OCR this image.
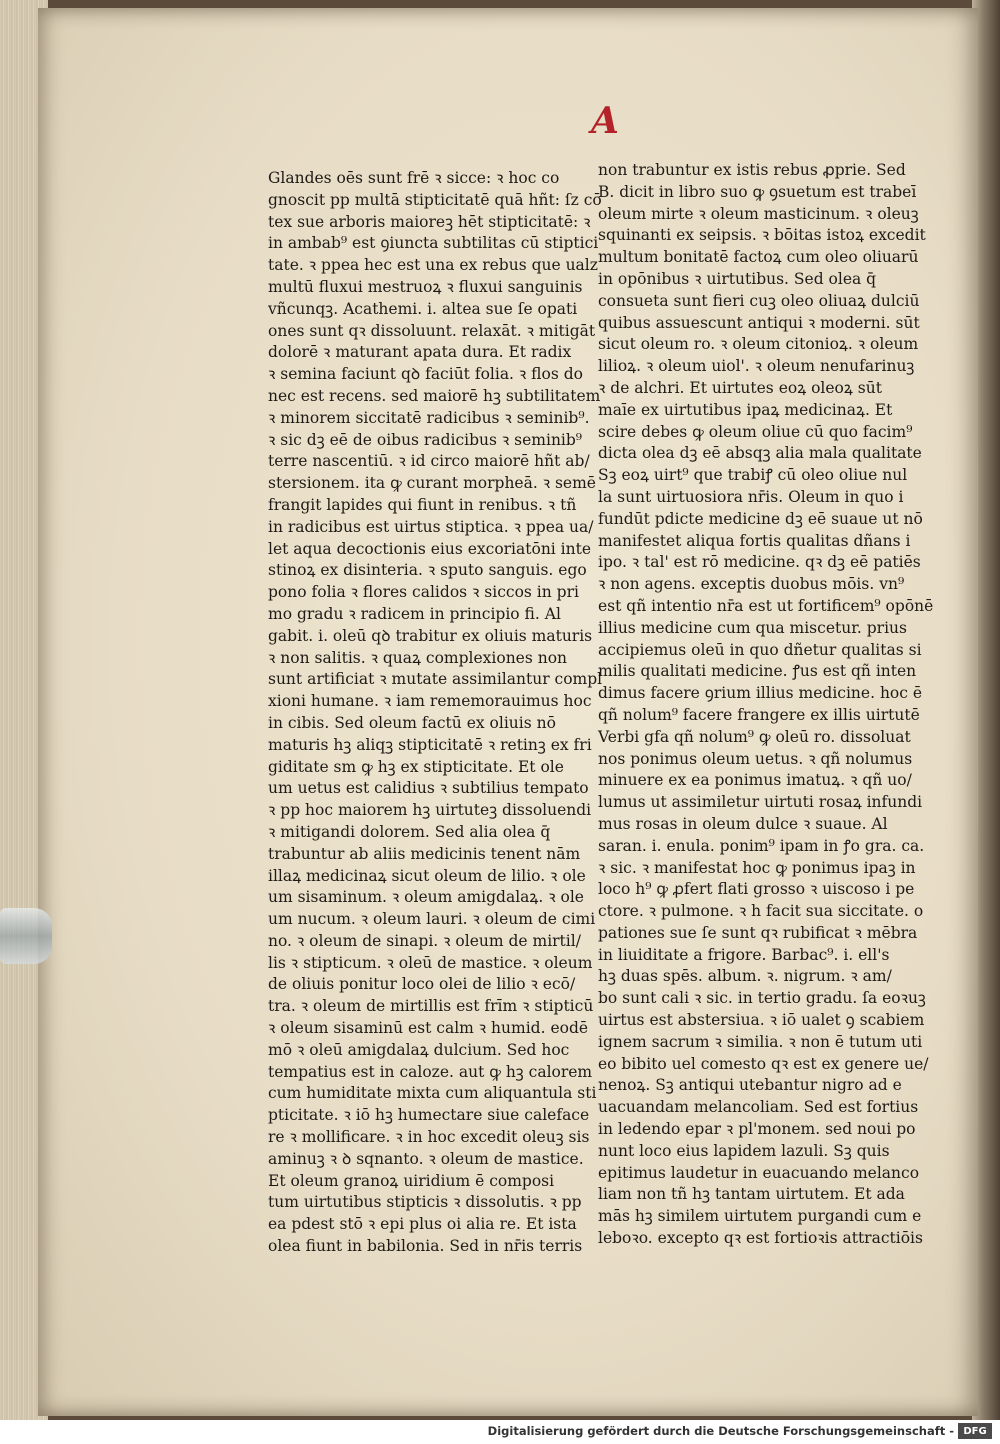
A
Glandes oēs sunt frē ꝛ sicce: ꝛ hoc co
gnoscit pp multā stipticitatē quā hñt: ſz cō
tex sue arboris maioreꝫ hēt stipticitatē: ꝛ
in ambab⁹ est ꝯiuncta subtilitas cū stiptici
tate. ꝛ ppea hec est una ex rebus que ualz
multū fluxui mestruoꝝ ꝛ fluxui sanguinis
vñcunqꝫ. Acathemi. i. altea sue ſe opati
ones sunt qꝛ dissoluunt. relaxāt. ꝛ mitigāt
dolorē ꝛ maturant apata dura. Et radix
ꝛ semina faciunt qꝺ faciūt folia. ꝛ flos do
nec est recens. sed maiorē hꝫ subtilitatem
ꝛ minorem siccitatē radicibus ꝛ seminib⁹.
ꝛ sic dꝫ eē de oibus radicibus ꝛ seminib⁹
terre nascentiū. ꝛ id circo maiorē hñt ab/
stersionem. ita ꝙ curant morpheā. ꝛ semē
frangit lapides qui fiunt in renibus. ꝛ tñ
in radicibus est uirtus stiptica. ꝛ ppea ua/
let aqua decoctionis eius excoriatōni inte
stinoꝝ ex disinteria. ꝛ sputo sanguis. ego
pono folia ꝛ flores calidos ꝛ siccos in pri
mo gradu ꝛ radicem in principio fi. Al
gabit. i. oleū qꝺ trabitur ex oliuis maturis
ꝛ non salitis. ꝛ quaꝝ complexiones non
sunt artificiat ꝛ mutate assimilantur compl
xioni humane. ꝛ iam rememorauimus hoc
in cibis. Sed oleum factū ex oliuis nō
maturis hꝫ aliqꝫ stipticitatē ꝛ retinꝫ ex fri
giditate sm ꝙ hꝫ ex stipticitate. Et ole
um uetus est calidius ꝛ subtilius tempato
ꝛ pp hoc maiorem hꝫ uirtuteꝫ dissoluendi
ꝛ mitigandi dolorem. Sed alia olea q̄
trabuntur ab aliis medicinis tenent nām
illaꝝ medicinaꝝ sicut oleum de lilio. ꝛ ole
um sisaminum. ꝛ oleum amigdalaꝝ. ꝛ ole
um nucum. ꝛ oleum lauri. ꝛ oleum de cimi
no. ꝛ oleum de sinapi. ꝛ oleum de mirtil/
lis ꝛ stipticum. ꝛ oleū de mastice. ꝛ oleum
de oliuis ponitur loco olei de lilio ꝛ ecō/
tra. ꝛ oleum de mirtillis est frīm ꝛ stipticū
ꝛ oleum sisaminū est calm ꝛ humid. eodē
mō ꝛ oleū amigdalaꝝ dulcium. Sed hoc
tempatius est in caloze. aut ꝙ hꝫ calorem
cum humiditate mixta cum aliquantula sti
pticitate. ꝛ iō hꝫ humectare siue caleface
re ꝛ mollificare. ꝛ in hoc excedit oleuꝫ sis
aminuꝫ ꝛ ꝺ sqnanto. ꝛ oleum de mastice.
Et oleum granoꝝ uiridium ē composi
tum uirtutibus stipticis ꝛ dissolutis. ꝛ pp
ea pdest stō ꝛ epi plus oi alia re. Et ista
olea fiunt in babilonia. Sed in nr̄is terris
non trabuntur ex istis rebus ꝓprie. Sed
B. dicit in libro suo ꝙ ꝯsuetum est trabeī
oleum mirte ꝛ oleum masticinum. ꝛ oleuꝫ
squinanti ex seipsis. ꝛ bōitas istoꝝ excedit
multum bonitatē factoꝝ cum oleo oliuarū
in opōnibus ꝛ uirtutibus. Sed olea q̄
consueta sunt fieri cuꝫ oleo oliuaꝝ dulciū
quibus assuescunt antiqui ꝛ moderni. sūt
sicut oleum ro. ꝛ oleum citonioꝝ. ꝛ oleum
lilioꝝ. ꝛ oleum uiol'. ꝛ oleum nenufarinuꝫ
ꝛ de alchri. Et uirtutes eoꝝ oleoꝝ sūt
maīe ex uirtutibus ipaꝝ medicinaꝝ. Et
scire debes ꝙ oleum oliue cū quo facim⁹
dicta olea dꝫ eē absqꝫ alia mala qualitate
Sꝫ eoꝝ uirt⁹ que trabiꝭ cū oleo oliue nul
la sunt uirtuosiora nr̄is. Oleum in quo i
fundūt pdicte medicine dꝫ eē suaue ut nō
manifestet aliqua fortis qualitas dñans i
ipo. ꝛ tal' est rō medicine. qꝛ dꝫ eē patiēs
ꝛ non agens. exceptis duobus mōis. vn⁹
est qñ intentio nr̄a est ut fortificem⁹ opōnē
illius medicine cum qua miscetur. prius
accipiemus oleū in quo dñetur qualitas si
milis qualitati medicine. ꝭus est qñ inten
dimus facere ꝯrium illius medicine. hoc ē
qñ nolum⁹ facere frangere ex illis uirtutē
Verbi gfa qñ nolum⁹ ꝙ oleū ro. dissoluat
nos ponimus oleum uetus. ꝛ qñ nolumus
minuere ex ea ponimus imatuꝝ. ꝛ qñ uo/
lumus ut assimiletur uirtuti rosaꝝ infundi
mus rosas in oleum dulce ꝛ suaue. Al
saran. i. enula. ponim⁹ ipam in ꝭo gra. ca.
ꝛ sic. ꝛ manifestat hoc ꝙ ponimus ipaꝫ in
loco h⁹ ꝙ ꝓfert flati grosso ꝛ uiscoso i pe
ctore. ꝛ pulmone. ꝛ h facit sua siccitate. o
pationes sue ſe sunt qꝛ rubificat ꝛ mēbra
in liuiditate a frigore. Barbac⁹. i. ell's
hꝫ duas spēs. album. ꝛ. nigrum. ꝛ am/
bo sunt cali ꝛ sic. in tertio gradu. ſa eoꝛuꝫ
uirtus est abstersiua. ꝛ iō ualet ꝯ scabiem
ignem sacrum ꝛ similia. ꝛ non ē tutum uti
eo bibito uel comesto qꝛ est ex genere ue/
nenoꝝ. Sꝫ antiqui utebantur nigro ad e
uacuandam melancoliam. Sed est fortius
in ledendo epar ꝛ pl'monem. sed noui po
nunt loco eius lapidem lazuli. Sꝫ quis
epitimus laudetur in euacuando melanco
liam non tñ hꝫ tantam uirtutem. Et ada
mās hꝫ similem uirtutem purgandi cum e
leboꝛo. excepto qꝛ est fortioꝛis attractiōis
Digitalisierung gefördert durch die Deutsche Forschungsgemeinschaft - DFG
